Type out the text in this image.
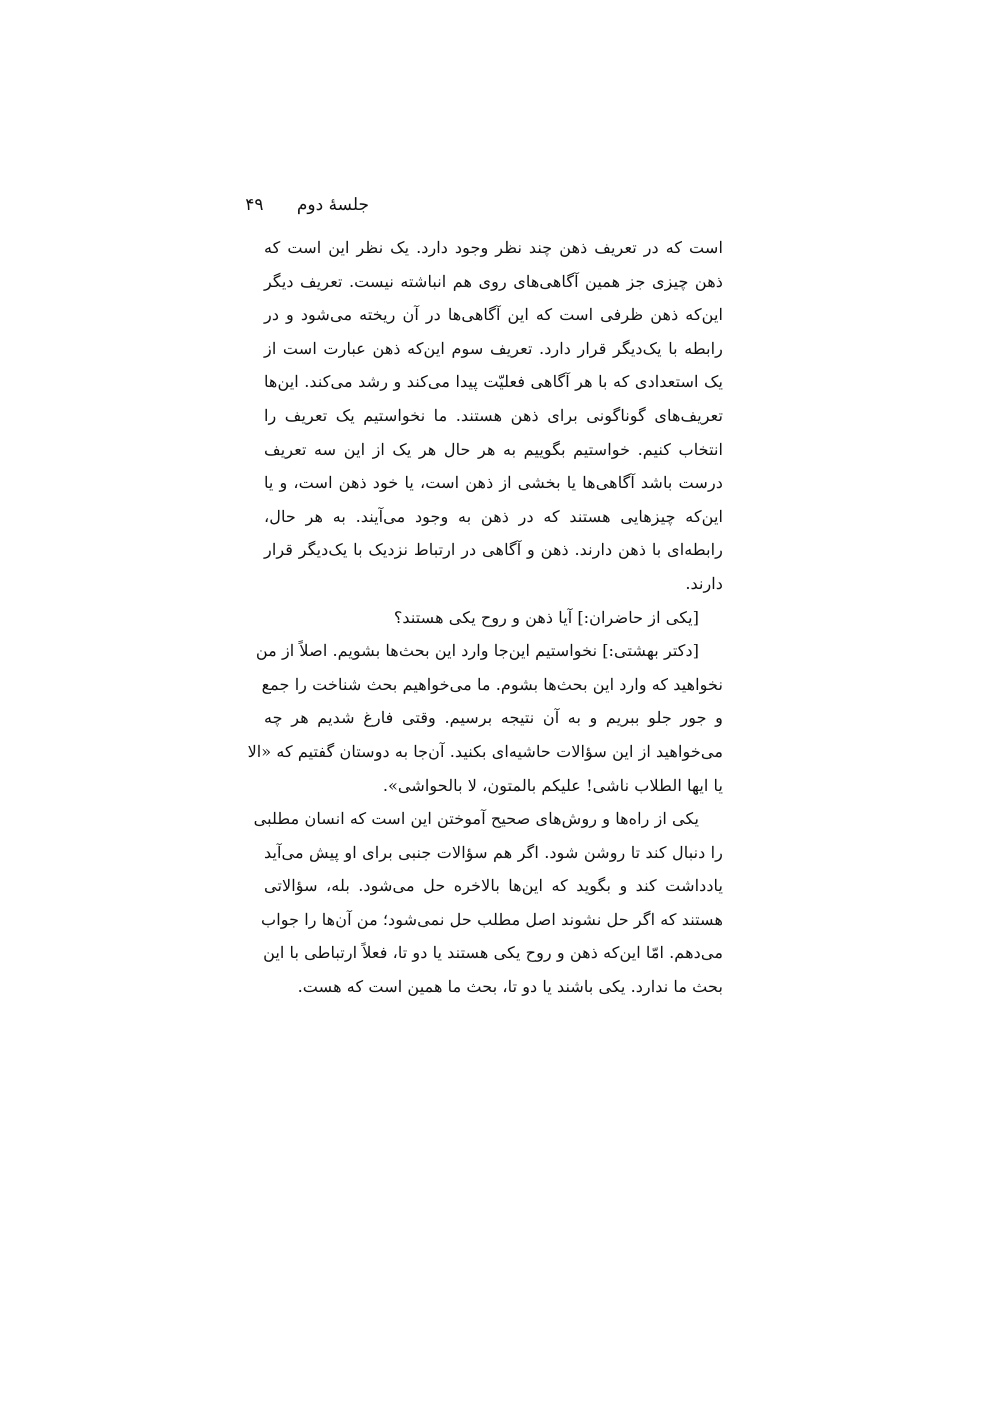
جلسهٔ دوم ۴۹
است که در تعریف ذهن چند نظر وجود دارد. یک نظر این است که
ذهن چیزی جز همین آگاهی‌های روی هم انباشته نیست. تعریف دیگر
این‌که ذهن ظرفی است که این آگاهی‌ها در آن ریخته می‌شود و در
رابطه با یک‌دیگر قرار دارد. تعریف سوم این‌که ذهن عبارت است از
یک استعدادی که با هر آگاهی فعلیّت پیدا می‌کند و رشد می‌کند. این‌ها
تعریف‌های گوناگونی برای ذهن هستند. ما نخواستیم یک تعریف را
انتخاب کنیم. خواستیم بگوییم به هر حال هر یک از این سه تعریف
درست باشد آگاهی‌ها یا بخشی از ذهن است، یا خود ذهن است، و یا
این‌که چیزهایی هستند که در ذهن به وجود می‌آیند. به هر حال،
رابطه‌ای با ذهن دارند. ذهن و آگاهی در ارتباط نزدیک با یک‌دیگر قرار
دارند.
[یکی از حاضران:] آیا ذهن و روح یکی هستند؟
[دکتر بهشتی:] نخواستیم این‌جا وارد این بحث‌ها بشویم. اصلاً از من
نخواهید که وارد این بحث‌ها بشوم. ما می‌خواهیم بحث شناخت را جمع
و جور جلو ببریم و به آن نتیجه برسیم. وقتی فارغ شدیم هر چه
می‌خواهید از این سؤالات حاشیه‌ای بکنید. آن‌جا به دوستان گفتیم که «الا
یا ایها الطلاب ناشی! علیکم بالمتون، لا بالحواشی».
یکی از راه‌ها و روش‌های صحیح آموختن این است که انسان مطلبی
را دنبال کند تا روشن شود. اگر هم سؤالات جنبی برای او پیش می‌آید
یادداشت کند و بگوید که این‌ها بالاخره حل می‌شود. بله، سؤالاتی
هستند که اگر حل نشوند اصل مطلب حل نمی‌شود؛ من آن‌ها را جواب
می‌دهم. امّا این‌که ذهن و روح یکی هستند یا دو تا، فعلاً ارتباطی با این
بحث ما ندارد. یکی باشند یا دو تا، بحث ما همین است که هست.
